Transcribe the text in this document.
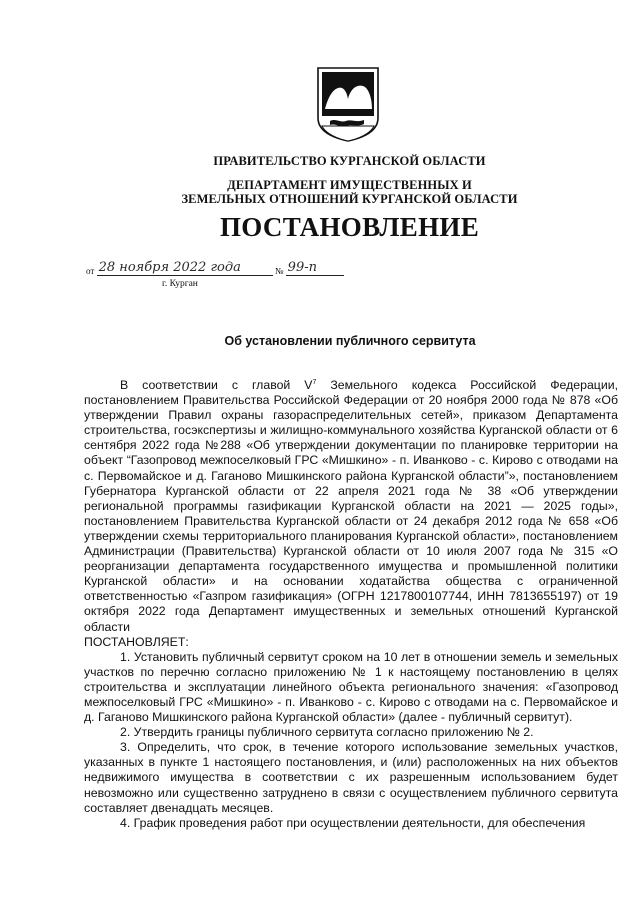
ПРАВИТЕЛЬСТВО КУРГАНСКОЙ ОБЛАСТИ
ДЕПАРТАМЕНТ ИМУЩЕСТВЕННЫХ И
ЗЕМЕЛЬНЫХ ОТНОШЕНИЙ КУРГАНСКОЙ ОБЛАСТИ
ПОСТАНОВЛЕНИЕ
от 28 ноября 2022 года	№ 99-п
г. Курган
Об установлении публичного сервитута

В соответствии с главой $V^7$ Земельного кодекса Российской Федерации, постановлением Правительства Российской Федерации от 20 ноября 2000 года № 878 «Об утверждении Правил охраны газораспределительных сетей», приказом Департамента строительства, госэкспертизы и жилищно-коммунального хозяйства Курганской области от 6 сентября 2022 года №288 «Об утверждении документации по планировке территории на объект “Газопровод межпоселковый ГРС «Мишкино» - п. Иванково - с. Кирово с отводами на с. Первомайское и д. Гаганово Мишкинского района Курганской области”», постановлением Губернатора Курганской области от 22 апреля 2021 года № 38 «Об утверждении региональной программы газификации Курганской области на 2021 — 2025 годы», постановлением Правительства Курганской области от 24 декабря 2012 года № 658 «Об утверждении схемы территориального планирования Курганской области», постановлением Администрации (Правительства) Курганской области от 10 июля 2007 года № 315 «О реорганизации департамента государственного имущества и промышленной политики Курганской области» и на основании ходатайства общества с ограниченной ответственностью «Газпром газификация» (ОГРН 1217800107744, ИНН 7813655197) от 19 октября 2022 года Департамент имущественных и земельных отношений Курганской области

ПОСТАНОВЛЯЕТ:

1. Установить публичный сервитут сроком на 10 лет в отношении земель и земельных участков по перечню согласно приложению № 1 к настоящему постановлению в целях строительства и эксплуатации линейного объекта регионального значения: «Газопровод межпоселковый ГРС «Мишкино» - п. Иванково - с. Кирово с отводами на с. Первомайское и д. Гаганово Мишкинского района Курганской области» (далее - публичный сервитут).

2. Утвердить границы публичного сервитута согласно приложению № 2.

3. Определить, что срок, в течение которого использование земельных участков, указанных в пункте 1 настоящего постановления, и (или) расположенных на них объектов недвижимого имущества в соответствии с их разрешенным использованием будет невозможно или существенно затруднено в связи с осуществлением публичного сервитута составляет двенадцать месяцев.

4. График проведения работ при осуществлении деятельности, для обеспечения
